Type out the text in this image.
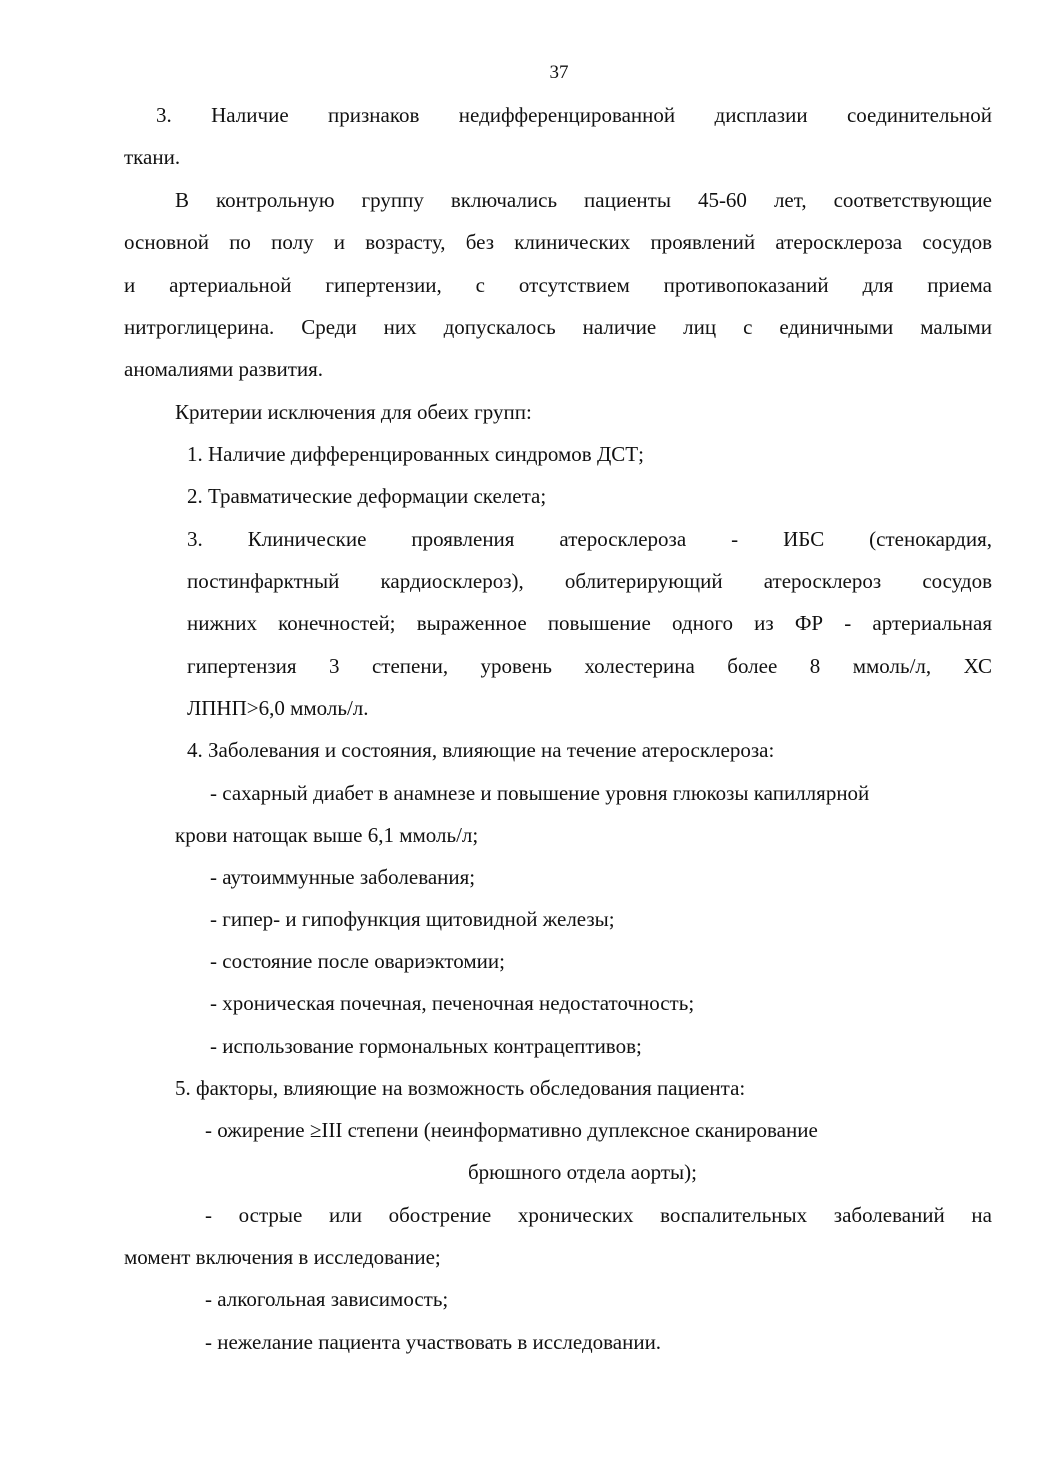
37

3. Наличие признаков недифференцированной дисплазии соединительной

ткани.

В контрольную группу включались пациенты 45-60 лет, соответствующие

основной по полу и возрасту, без клинических проявлений атеросклероза сосудов

и артериальной гипертензии, с отсутствием противопоказаний для приема

нитроглицерина. Среди них допускалось наличие лиц с единичными малыми

аномалиями развития.

Критерии исключения для обеих групп:

1. Наличие дифференцированных синдромов ДСТ;

2. Травматические деформации скелета;

3. Клинические проявления атеросклероза - ИБС (стенокардия,

постинфарктный кардиосклероз), облитерирующий атеросклероз сосудов

нижних конечностей; выраженное повышение одного из ФР - артериальная

гипертензия 3 степени, уровень холестерина более 8 ммоль/л, ХС

ЛПНП>6,0 ммоль/л.

4. Заболевания и состояния, влияющие на течение атеросклероза:

- сахарный диабет в анамнезе и повышение уровня глюкозы капиллярной

крови натощак выше 6,1 ммоль/л;

- аутоиммунные заболевания;

- гипер- и гипофункция щитовидной железы;

- состояние после овариэктомии;

- хроническая почечная, печеночная недостаточность;

- использование гормональных контрацептивов;

5. факторы, влияющие на возможность обследования пациента:

- ожирение ≥III степени (неинформативно дуплексное сканирование

брюшного отдела аорты);

- острые или обострение хронических воспалительных заболеваний на

момент включения в исследование;

- алкогольная зависимость;

- нежелание пациента участвовать в исследовании.
